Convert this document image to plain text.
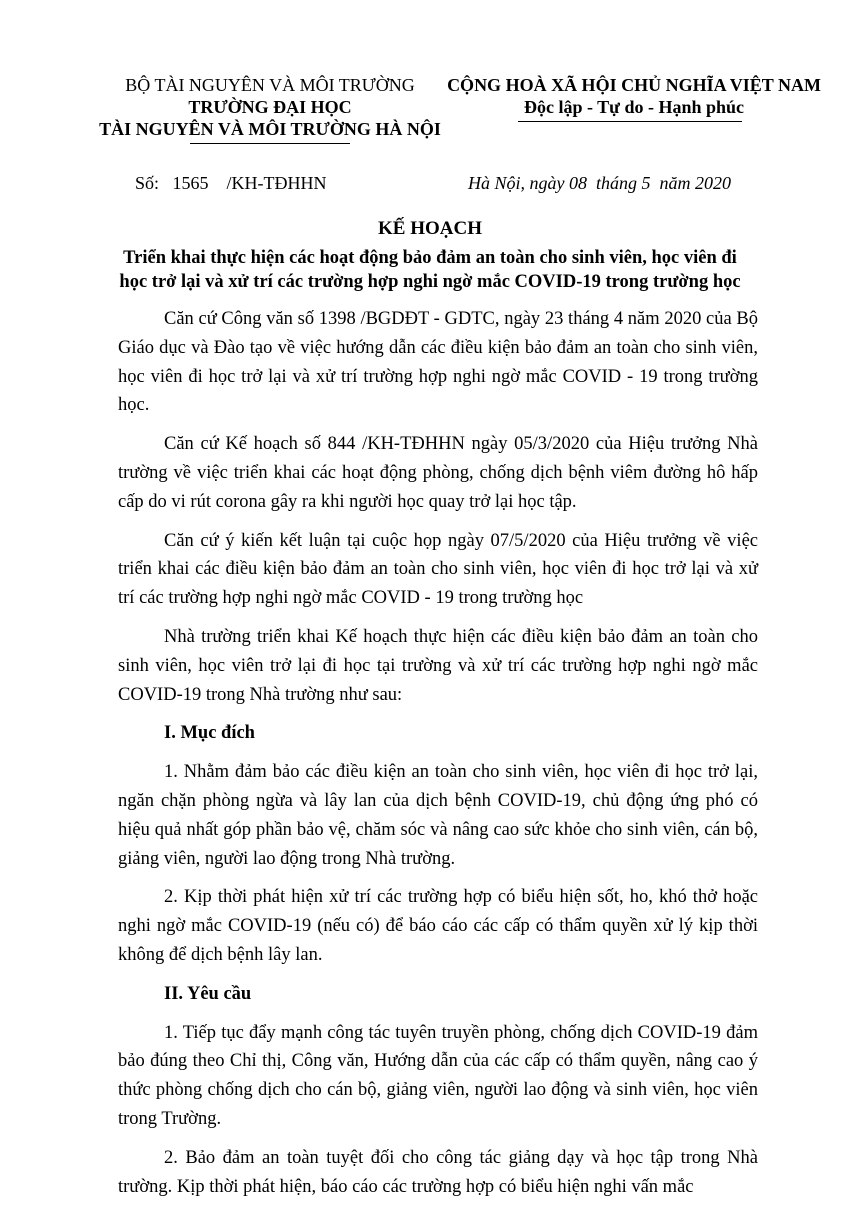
BỘ TÀI NGUYÊN VÀ MÔI TRƯỜNG
TRƯỜNG ĐẠI HỌC
TÀI NGUYÊN VÀ MÔI TRƯỜNG HÀ NỘI
CỘNG HOÀ XÃ HỘI CHỦ NGHĨA VIỆT NAM
Độc lập - Tự do - Hạnh phúc
Số:   1565    /KH-TĐHHN	Hà Nội, ngày 08  tháng 5  năm 2020
KẾ HOẠCH
Triển khai thực hiện các hoạt động bảo đảm an toàn cho sinh viên, học viên đi
học trở lại và xử trí các trường hợp nghi ngờ mắc COVID-19 trong trường học

Căn cứ Công văn số 1398 /BGDĐT - GDTC, ngày 23 tháng 4 năm 2020 của Bộ Giáo dục và Đào tạo về việc hướng dẫn các điều kiện bảo đảm an toàn cho sinh viên, học viên đi học trở lại và xử trí trường hợp nghi ngờ mắc COVID - 19 trong trường học.

Căn cứ Kế hoạch số 844 /KH-TĐHHN ngày 05/3/2020 của Hiệu trưởng Nhà trường về việc triển khai các hoạt động phòng, chống dịch bệnh viêm đường hô hấp cấp do vi rút corona gây ra khi người học quay trở lại học tập.

Căn cứ ý kiến kết luận tại cuộc họp ngày 07/5/2020 của Hiệu trưởng về việc triển khai các điều kiện bảo đảm an toàn cho sinh viên, học viên đi học trở lại và xử trí các trường hợp nghi ngờ mắc COVID - 19 trong trường học

Nhà trường triển khai Kế hoạch thực hiện các điều kiện bảo đảm an toàn cho sinh viên, học viên trở lại đi học tại trường và xử trí các trường hợp nghi ngờ mắc COVID-19 trong Nhà trường như sau:

I. Mục đích

1. Nhằm đảm bảo các điều kiện an toàn cho sinh viên, học viên đi học trở lại, ngăn chặn phòng ngừa và lây lan của dịch bệnh COVID-19, chủ động ứng phó có hiệu quả nhất góp phần bảo vệ, chăm sóc và nâng cao sức khỏe cho sinh viên, cán bộ, giảng viên, người lao động trong Nhà trường.

2. Kịp thời phát hiện xử trí các trường hợp có biểu hiện sốt, ho, khó thở hoặc nghi ngờ mắc COVID-19 (nếu có) để báo cáo các cấp có thẩm quyền xử lý kịp thời không để dịch bệnh lây lan.

II. Yêu cầu

1. Tiếp tục đẩy mạnh công tác tuyên truyền phòng, chống dịch COVID-19 đảm bảo đúng theo Chỉ thị, Công văn, Hướng dẫn của các cấp có thẩm quyền, nâng cao ý thức phòng chống dịch cho cán bộ, giảng viên, người lao động và sinh viên, học viên trong Trường.

2. Bảo đảm an toàn tuyệt đối cho công tác giảng dạy và học tập trong Nhà trường. Kịp thời phát hiện, báo cáo các trường hợp có biểu hiện nghi vấn mắc
